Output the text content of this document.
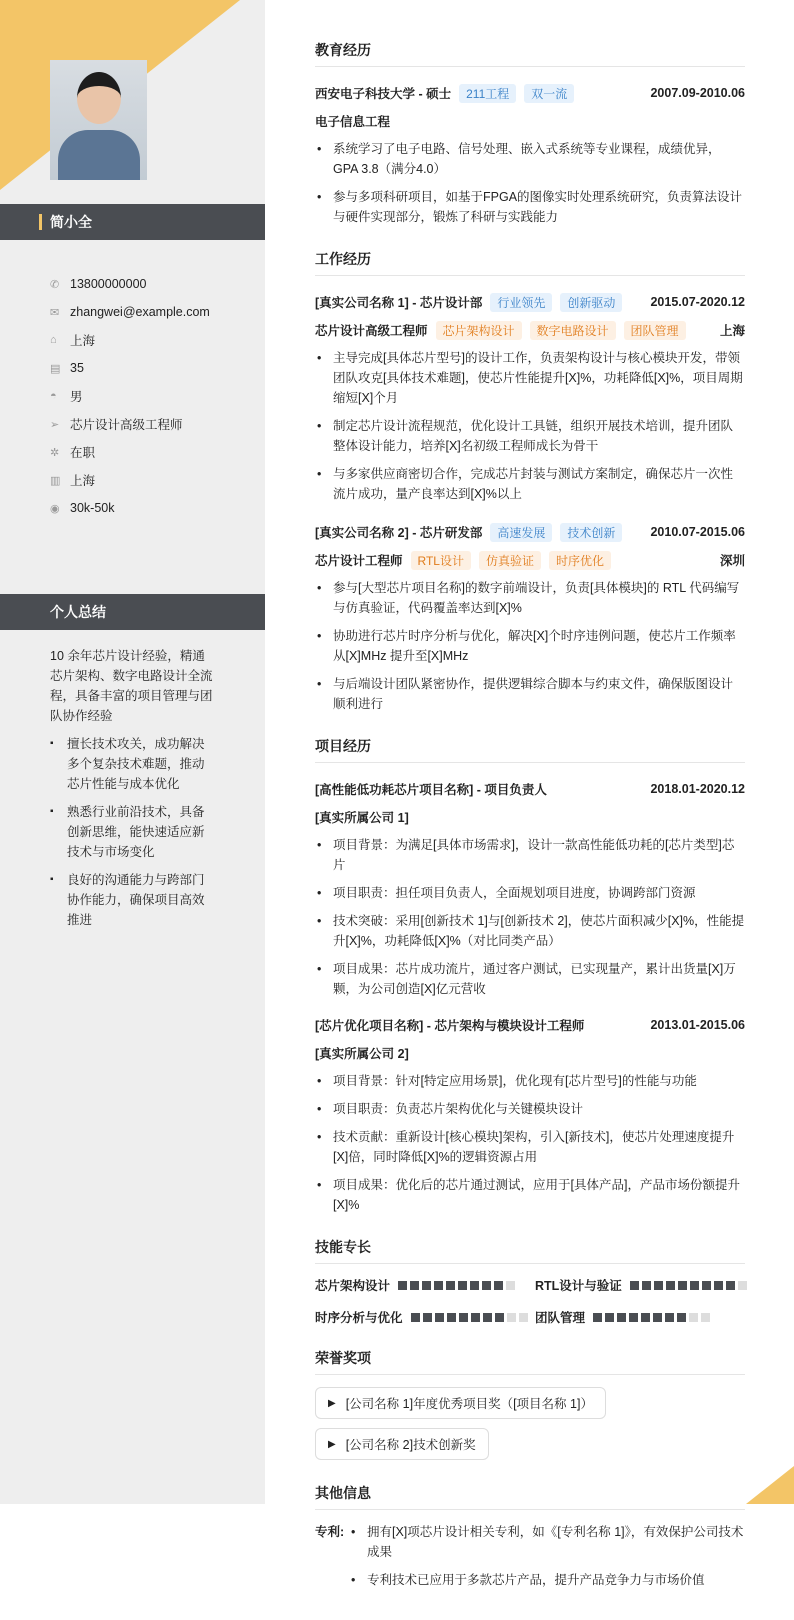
简小全
✆ 13800000000
✉ zhangwei@example.com
⌂	上海
▤ 35
◓	男
➢ 芯片设计高级工程师
✲ 在职
▥ 上海
◉ 30k-50k
个人总结
10 余年芯片设计经验，精通芯片架构、数字电路设计全流程，具备丰富的项目管理与团队协作经验
▪ 擅长技术攻关，成功解决多个复杂技术难题，推动芯片性能与成本优化
▪ 熟悉行业前沿技术，具备创新思维，能快速适应新技术与市场变化
▪ 良好的沟通能力与跨部门协作能力，确保项目高效推进
教育经历
西安电子科技大学 - 硕士	211工程	双一流	2007.09-2010.06
电子信息工程
• 系统学习了电子电路、信号处理、嵌入式系统等专业课程，成绩优异，GPA 3.8（满分4.0）
• 参与多项科研项目，如基于FPGA的图像实时处理系统研究，负责算法设计与硬件实现部分，锻炼了科研与实践能力
工作经历
[真实公司名称 1] - 芯片设计部	行业领先	创新驱动	2015.07-2020.12
芯片设计高级工程师	芯片架构设计	数字电路设计	团队管理	上海
• 主导完成[具体芯片型号]的设计工作，负责架构设计与核心模块开发，带领团队攻克[具体技术难题]，使芯片性能提升[X]%，功耗降低[X]%，项目周期缩短[X]个月
• 制定芯片设计流程规范，优化设计工具链，组织开展技术培训，提升团队整体设计能力，培养[X]名初级工程师成长为骨干
• 与多家供应商密切合作，完成芯片封装与测试方案制定，确保芯片一次性流片成功，量产良率达到[X]%以上
[真实公司名称 2] - 芯片研发部	高速发展	技术创新	2010.07-2015.06
芯片设计工程师	RTL设计	仿真验证	时序优化	深圳
• 参与[大型芯片项目名称]的数字前端设计，负责[具体模块]的 RTL 代码编写与仿真验证，代码覆盖率达到[X]%
• 协助进行芯片时序分析与优化，解决[X]个时序违例问题，使芯片工作频率从[X]MHz 提升至[X]MHz
• 与后端设计团队紧密协作，提供逻辑综合脚本与约束文件，确保版图设计顺利进行
项目经历
[高性能低功耗芯片项目名称] - 项目负责人	2018.01-2020.12
[真实所属公司 1]
• 项目背景：为满足[具体市场需求]，设计一款高性能低功耗的[芯片类型]芯片
• 项目职责：担任项目负责人，全面规划项目进度，协调跨部门资源
• 技术突破：采用[创新技术 1]与[创新技术 2]，使芯片面积减少[X]%，性能提升[X]%，功耗降低[X]%（对比同类产品）
• 项目成果：芯片成功流片，通过客户测试，已实现量产，累计出货量[X]万颗，为公司创造[X]亿元营收
[芯片优化项目名称] - 芯片架构与模块设计工程师	2013.01-2015.06
[真实所属公司 2]
• 项目背景：针对[特定应用场景]，优化现有[芯片型号]的性能与功能
• 项目职责：负责芯片架构优化与关键模块设计
• 技术贡献：重新设计[核心模块]架构，引入[新技术]，使芯片处理速度提升[X]倍，同时降低[X]%的逻辑资源占用
• 项目成果：优化后的芯片通过测试，应用于[具体产品]，产品市场份额提升[X]%
技能专长
芯片架构设计	RTL设计与验证
时序分析与优化	团队管理
荣誉奖项
▶ [公司名称 1]年度优秀项目奖（[项目名称 1]）
▶ [公司名称 2]技术创新奖
其他信息
专利:	• 拥有[X]项芯片设计相关专利，如《[专利名称 1]》，有效保护公司技术成果
• 专利技术已应用于多款芯片产品，提升产品竞争力与市场价值
